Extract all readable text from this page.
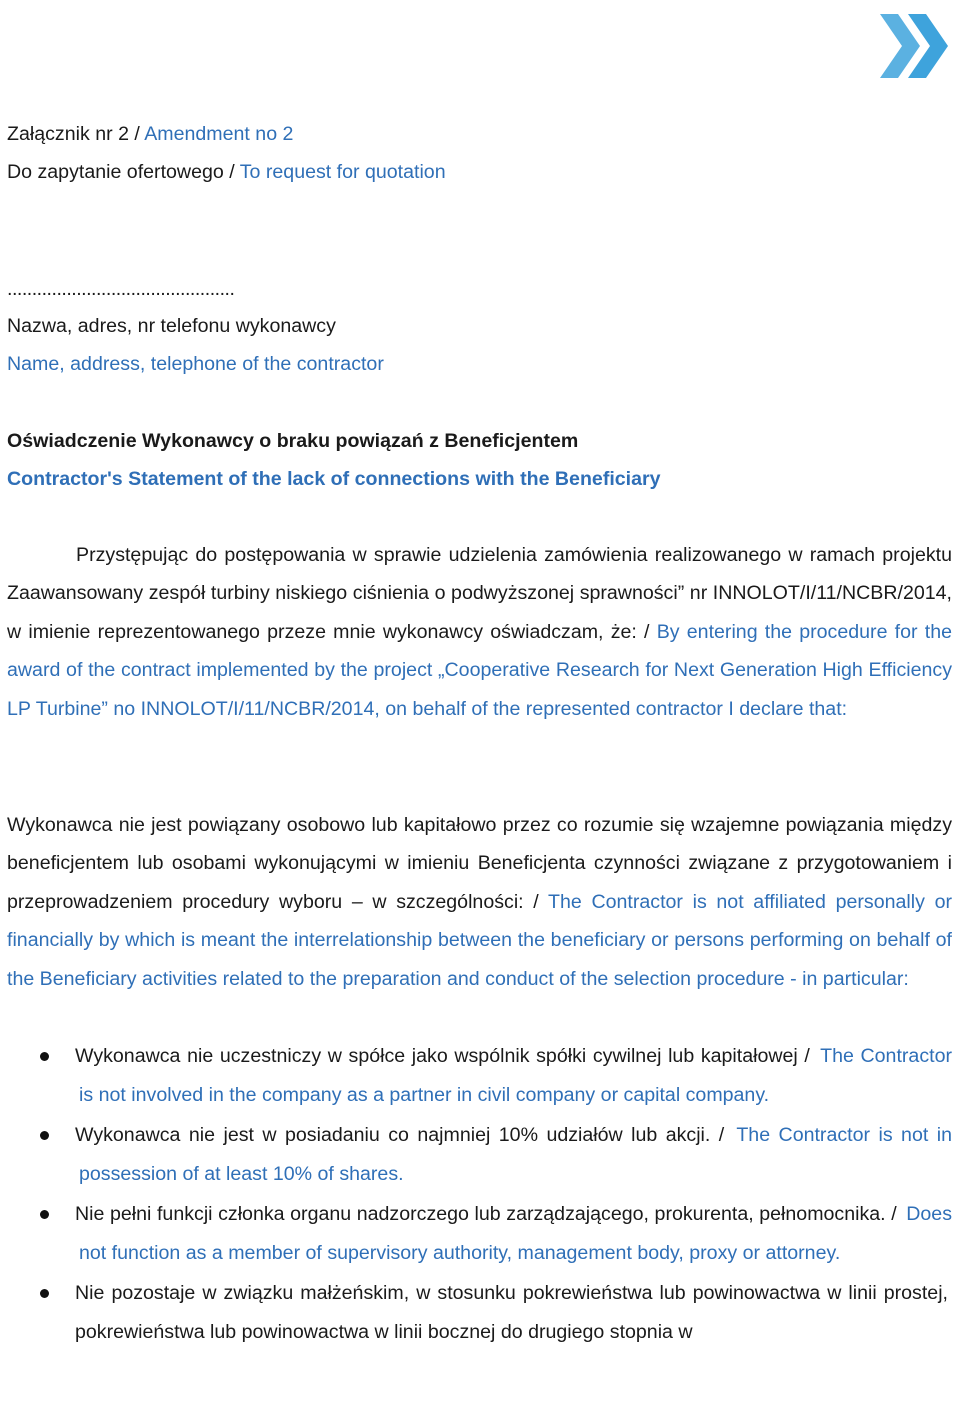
Załącznik nr 2 / Amendment no 2
Do zapytanie ofertowego / To request for quotation
..............................................
Nazwa, adres, nr telefonu wykonawcy
Name, address, telephone of the contractor
Oświadczenie Wykonawcy o braku powiązań z Beneficjentem
Contractor's Statement of the lack of connections with the Beneficiary
Przystępując do postępowania w sprawie udzielenia zamówienia realizowanego w ramach projektu Zaawansowany zespół turbiny niskiego ciśnienia o podwyższonej sprawności” nr INNOLOT/I/11/NCBR/2014, w imienie reprezentowanego przeze mnie wykonawcy oświadczam, że: / By entering the procedure for the award of the contract implemented by the project „Cooperative Research for Next Generation High Efficiency LP Turbine” no INNOLOT/I/11/NCBR/2014, on behalf of the represented contractor I declare that:
Wykonawca nie jest powiązany osobowo lub kapitałowo przez co rozumie się wzajemne powiązania między beneficjentem lub osobami wykonującymi w imieniu Beneficjenta czynności związane z przygotowaniem i przeprowadzeniem procedury wyboru – w szczególności: / The Contractor is not affiliated personally or financially by which is meant the interrelationship between the beneficiary or persons performing on behalf of the Beneficiary activities related to the preparation and conduct of the selection procedure - in particular:
Wykonawca nie uczestniczy w spółce jako wspólnik spółki cywilnej lub kapitałowej / The Contractor is not involved in the company as a partner in civil company or capital company.
Wykonawca nie jest w posiadaniu co najmniej 10% udziałów lub akcji. / The Contractor is not in possession of at least 10% of shares.
Nie pełni funkcji członka organu nadzorczego lub zarządzającego, prokurenta, pełnomocnika. / Does not function as a member of supervisory authority, management body, proxy or attorney.
Nie pozostaje w związku małżeńskim, w stosunku pokrewieństwa lub powinowactwa w linii prostej, pokrewieństwa lub powinowactwa w linii bocznej do drugiego stopnia w
